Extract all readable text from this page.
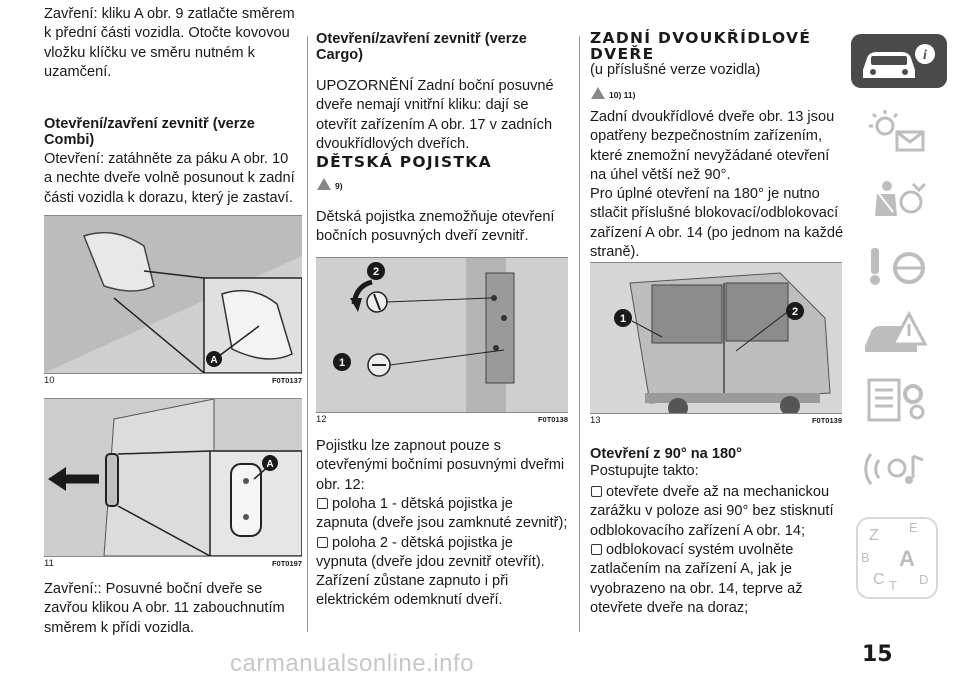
Zavření: kliku A obr. 9 zatlačte směrem k přední části vozidla. Otočte kovovou vložku klíčku ve směru nutném k uzamčení.

Otevření/zavření zevnitř (verze Combi)

Otevření: zatáhněte za páku A obr. 10 a nechte dveře volně posunout k zadní části vozidla k dorazu, který je zastaví.

A
10	F0T0137
A
11	F0T0197

Zavření:: Posuvné boční dveře se zavřou klikou A obr. 11 zabouchnutím směrem k přídi vozidla.

Otevření/zavření zevnitř (verze Cargo)

UPOZORNĚNÍ Zadní boční posuvné dveře nemají vnitřní kliku: dají se otevřít zařízením A obr. 17 v zadních dvoukřídlových dveřích.

DĚTSKÁ POJISTKA
9)

Dětská pojistka znemožňuje otevření bočních posuvných dveří zevnitř.

2
1
12	F0T0138

Pojistku lze zapnout pouze s otevřenými bočními posuvnými dveřmi obr. 12:

poloha 1 - dětská pojistka je zapnuta (dveře jsou zamknuté zevnitř);

poloha 2 - dětská pojistka je vypnuta (dveře jdou zevnitř otevřít).

Zařízení zůstane zapnuto i při elektrickém odemknutí dveří.

ZADNÍ DVOUKŘÍDLOVÉ DVEŘE

(u příslušné verze vozidla)

10) 11)

Zadní dvoukřídlové dveře obr. 13 jsou opatřeny bezpečnostním zařízením, které znemožní nevyžádané otevření na úhel větší než 90°.

Pro úplné otevření na 180° je nutno stlačit příslušné blokovací/odblokovací zařízení A obr. 14 (po jednom na každé straně).

1
2
13	F0T0139
Otevření z 90° na 180°

Postupujte takto:

otevřete dveře až na mechanickou zarážku v poloze asi 90° bez stisknutí odblokovacího zařízení A obr. 14;

odblokovací systém uvolněte zatlačením na zařízení A, jak je vyobrazeno na obr. 14, teprve až otevřete dveře na doraz;

i
Z E
B A
C T D
15
carmanualsonline.info
